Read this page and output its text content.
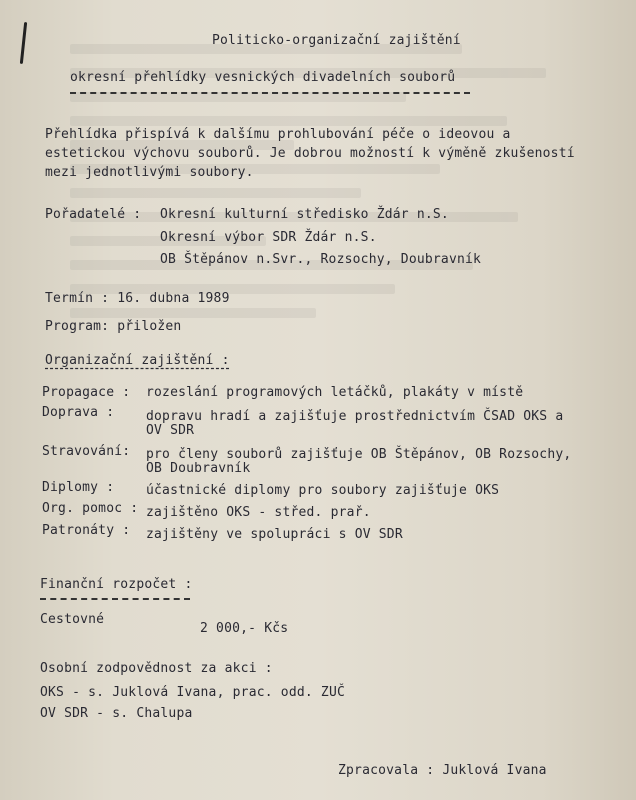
Politicko-organizační zajištění
okresní přehlídky vesnických divadelních souborů
Přehlídka přispívá k dalšímu prohlubování péče o ideovou a
estetickou výchovu souborů. Je dobrou možností k výměně zkušeností
mezi jednotlivými soubory.
Pořadatelé : Okresní kulturní středisko Ždár n.S.
Okresní výbor SDR Ždár n.S.
OB Štěpánov n.Svr., Rozsochy, Doubravník
Termín : 16. dubna 1989
Program: přiložen
Organizační zajištění :
Propagace : rozeslání programových letáčků, plakáty v místě
Doprava : dopravu hradí a zajišťuje prostřednictvím ČSAD OKS a
OV SDR
Stravování: pro členy souborů zajišťuje OB Štěpánov, OB Rozsochy,
OB Doubravník
Diplomy : účastnické diplomy pro soubory zajišťuje OKS
Org. pomoc : zajištěno OKS - střed. prař.
Patronáty : zajištěny ve spolupráci s OV SDR
Finanční rozpočet :
Cestovné
2 000,- Kčs
Osobní zodpovědnost za akci :
OKS - s. Juklová Ivana, prac. odd. ZUČ
OV SDR - s. Chalupa
Zpracovala : Juklová Ivana
